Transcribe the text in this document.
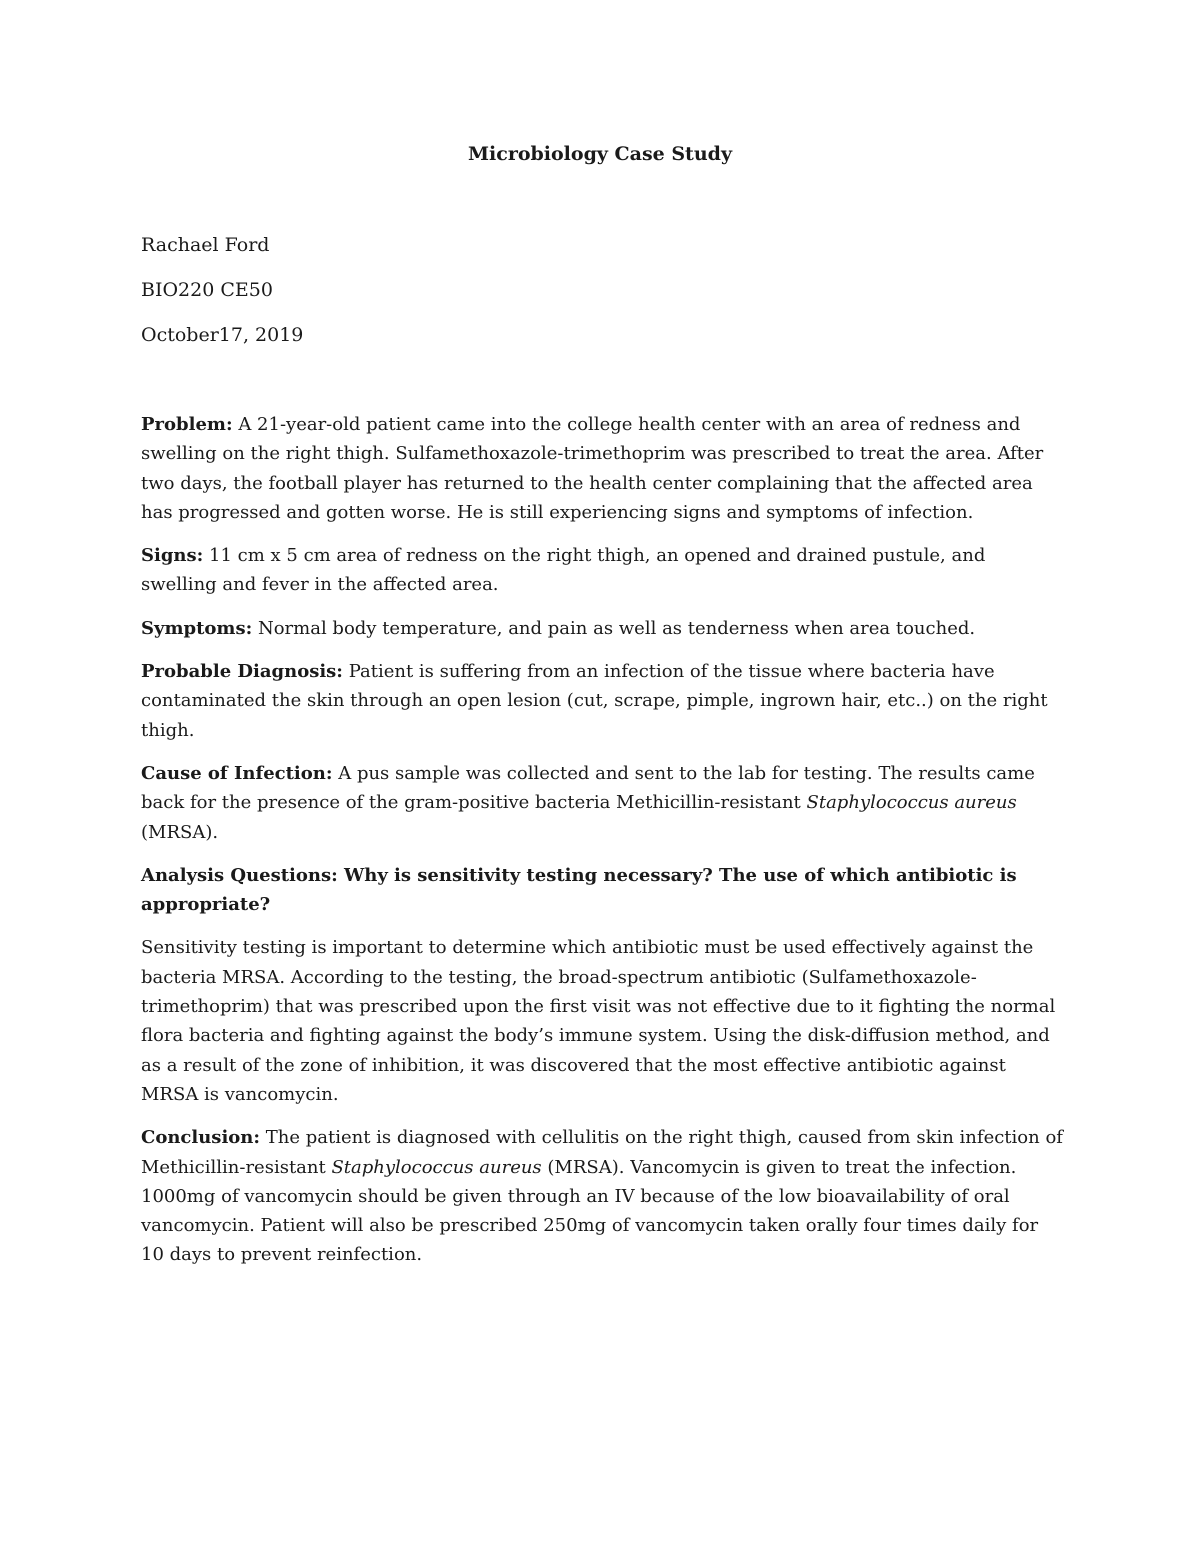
Microbiology Case Study
Rachael Ford
BIO220 CE50
October17, 2019

Problem: A 21-year-old patient came into the college health center with an area of redness and swelling on the right thigh. Sulfamethoxazole-trimethoprim was prescribed to treat the area. After two days, the football player has returned to the health center complaining that the affected area has progressed and gotten worse. He is still experiencing signs and symptoms of infection.

Signs: 11 cm x 5 cm area of redness on the right thigh, an opened and drained pustule, and swelling and fever in the affected area.

Symptoms: Normal body temperature, and pain as well as tenderness when area touched.

Probable Diagnosis: Patient is suffering from an infection of the tissue where bacteria have contaminated the skin through an open lesion (cut, scrape, pimple, ingrown hair, etc..) on the right thigh.

Cause of Infection: A pus sample was collected and sent to the lab for testing. The results came back for the presence of the gram-positive bacteria Methicillin-resistant Staphylococcus aureus (MRSA).

Analysis Questions: Why is sensitivity testing necessary? The use of which antibiotic is appropriate?

Sensitivity testing is important to determine which antibiotic must be used effectively against the bacteria MRSA. According to the testing, the broad-spectrum antibiotic (Sulfamethoxazole-trimethoprim) that was prescribed upon the first visit was not effective due to it fighting the normal flora bacteria and fighting against the body’s immune system. Using the disk-diffusion method, and as a result of the zone of inhibition, it was discovered that the most effective antibiotic against MRSA is vancomycin.

Conclusion: The patient is diagnosed with cellulitis on the right thigh, caused from skin infection of Methicillin-resistant Staphylococcus aureus (MRSA). Vancomycin is given to treat the infection. 1000mg of vancomycin should be given through an IV because of the low bioavailability of oral vancomycin. Patient will also be prescribed 250mg of vancomycin taken orally four times daily for 10 days to prevent reinfection.
